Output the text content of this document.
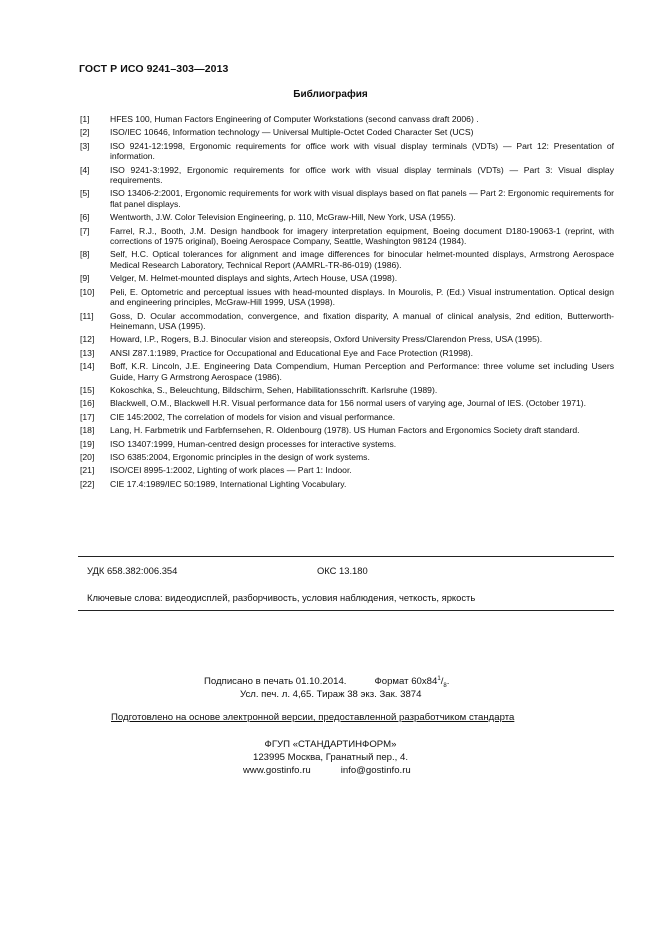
ГОСТ Р ИСО 9241–303—2013
Библиография
[1]	HFES 100, Human Factors Engineering of Computer Workstations (second canvass draft 2006) .
[2]	ISO/IEC 10646, Information technology — Universal Multiple-Octet Coded Character Set (UCS)
[3]	ISO 9241-12:1998, Ergonomic requirements for office work with visual display terminals (VDTs) — Part 12: Presentation of information.
[4]	ISO 9241-3:1992, Ergonomic requirements for office work with visual display terminals (VDTs) — Part 3: Visual display requirements.
[5]	ISO 13406-2:2001, Ergonomic requirements for work with visual displays based on flat panels — Part 2: Ergonomic requirements for flat panel displays.
[6]	Wentworth, J.W. Color Television Engineering, p. 110, McGraw-Hill, New York, USA (1955).
[7]	Farrel, R.J., Booth, J.M. Design handbook for imagery interpretation equipment, Boeing document D180-19063-1 (reprint, with corrections of 1975 original), Boeing Aerospace Company, Seattle, Washington 98124 (1984).
[8]	Self, H.C. Optical tolerances for alignment and image differences for binocular helmet-mounted displays, Armstrong Aerospace Medical Research Laboratory, Technical Report (AAMRL-TR-86-019) (1986).
[9]	Velger, M. Helmet-mounted displays and sights, Artech House, USA (1998).
[10]	Peli, E. Optometric and perceptual issues with head-mounted displays. In Mourolis, P. (Ed.) Visual instrumentation. Optical design and engineering principles, McGraw-Hill 1999, USA (1998).
[11]	Goss, D. Ocular accommodation, convergence, and fixation disparity, A manual of clinical analysis, 2nd edition, Butterworth-Heinemann, USA (1995).
[12]	Howard, I.P., Rogers, B.J. Binocular vision and stereopsis, Oxford University Press/Clarendon Press, USA (1995).
[13]	ANSI Z87.1:1989, Practice for Occupational and Educational Eye and Face Protection (R1998).
[14]	Boff, K.R. Lincoln, J.E. Engineering Data Compendium, Human Perception and Performance: three volume set including Users Guide, Harry G Armstrong Aerospace (1986).
[15]	Kokoschka, S., Beleuchtung, Bildschirm, Sehen, Habilitationsschrift. Karlsruhe (1989).
[16]	Blackwell, O.M., Blackwell H.R. Visual performance data for 156 normal users of varying age, Journal of IES. (October 1971).
[17]	CIE 145:2002, The correlation of models for vision and visual performance.
[18]	Lang, H. Farbmetrik und Farbfernsehen, R. Oldenbourg (1978). US Human Factors and Ergonomics Society draft standard.
[19]	ISO 13407:1999, Human-centred design processes for interactive systems.
[20]	ISO 6385:2004, Ergonomic principles in the design of work systems.
[21]	ISO/CEI 8995-1:2002, Lighting of work places — Part 1: Indoor.
[22]	CIE 17.4:1989/IEC 50:1989, International Lighting Vocabulary.
УДК 658.382:006.354	ОКС 13.180
Ключевые слова: видеодисплей, разборчивость, условия наблюдения, четкость, яркость
Подписано в печать 01.10.2014.	Формат $60x84^1/_8$.
Усл. печ. л. 4,65. Тираж 38 экз. Зак. 3874
Подготовлено на основе электронной версии, предоставленной разработчиком стандарта
ФГУП «СТАНДАРТИНФОРМ»
123995 Москва, Гранатный пер., 4.
www.gostinfo.ru	info@gostinfo.ru
